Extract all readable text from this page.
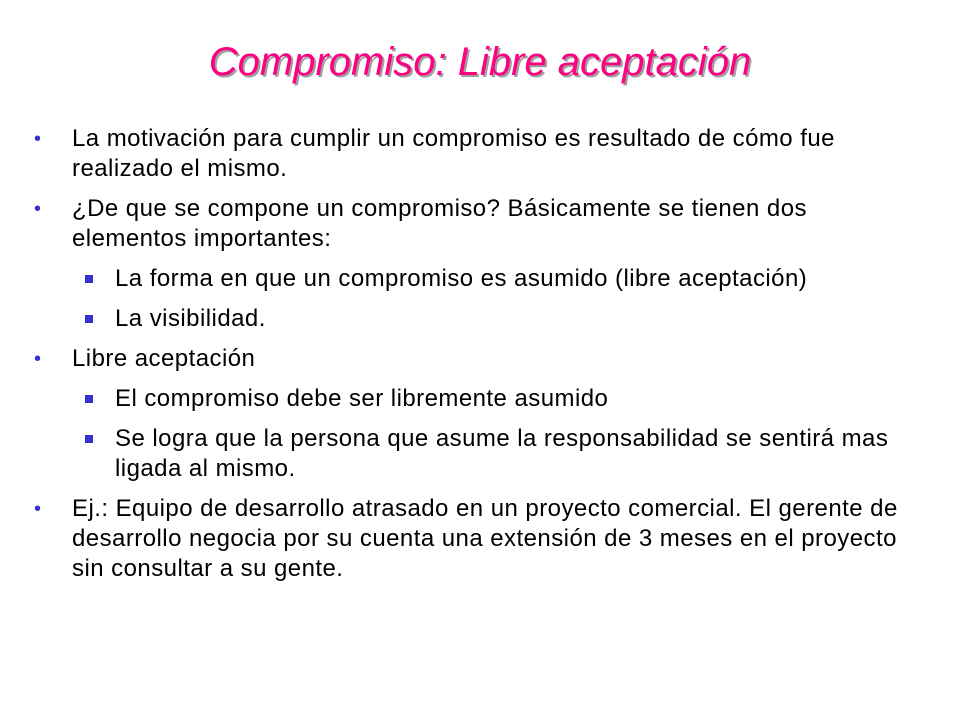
Compromiso: Libre aceptación
• La motivación para cumplir un compromiso es resultado de cómo fue realizado el mismo.
• ¿De que se compone un compromiso? Básicamente se tienen dos elementos importantes:
La forma en que un compromiso es asumido (libre aceptación)
La visibilidad.
• Libre aceptación
El compromiso debe ser libremente asumido
Se logra que la persona que asume la responsabilidad se sentirá mas ligada al mismo.
• Ej.: Equipo de desarrollo atrasado en un proyecto comercial. El gerente de desarrollo negocia por su cuenta una extensión de 3 meses en el proyecto sin consultar a su gente.
